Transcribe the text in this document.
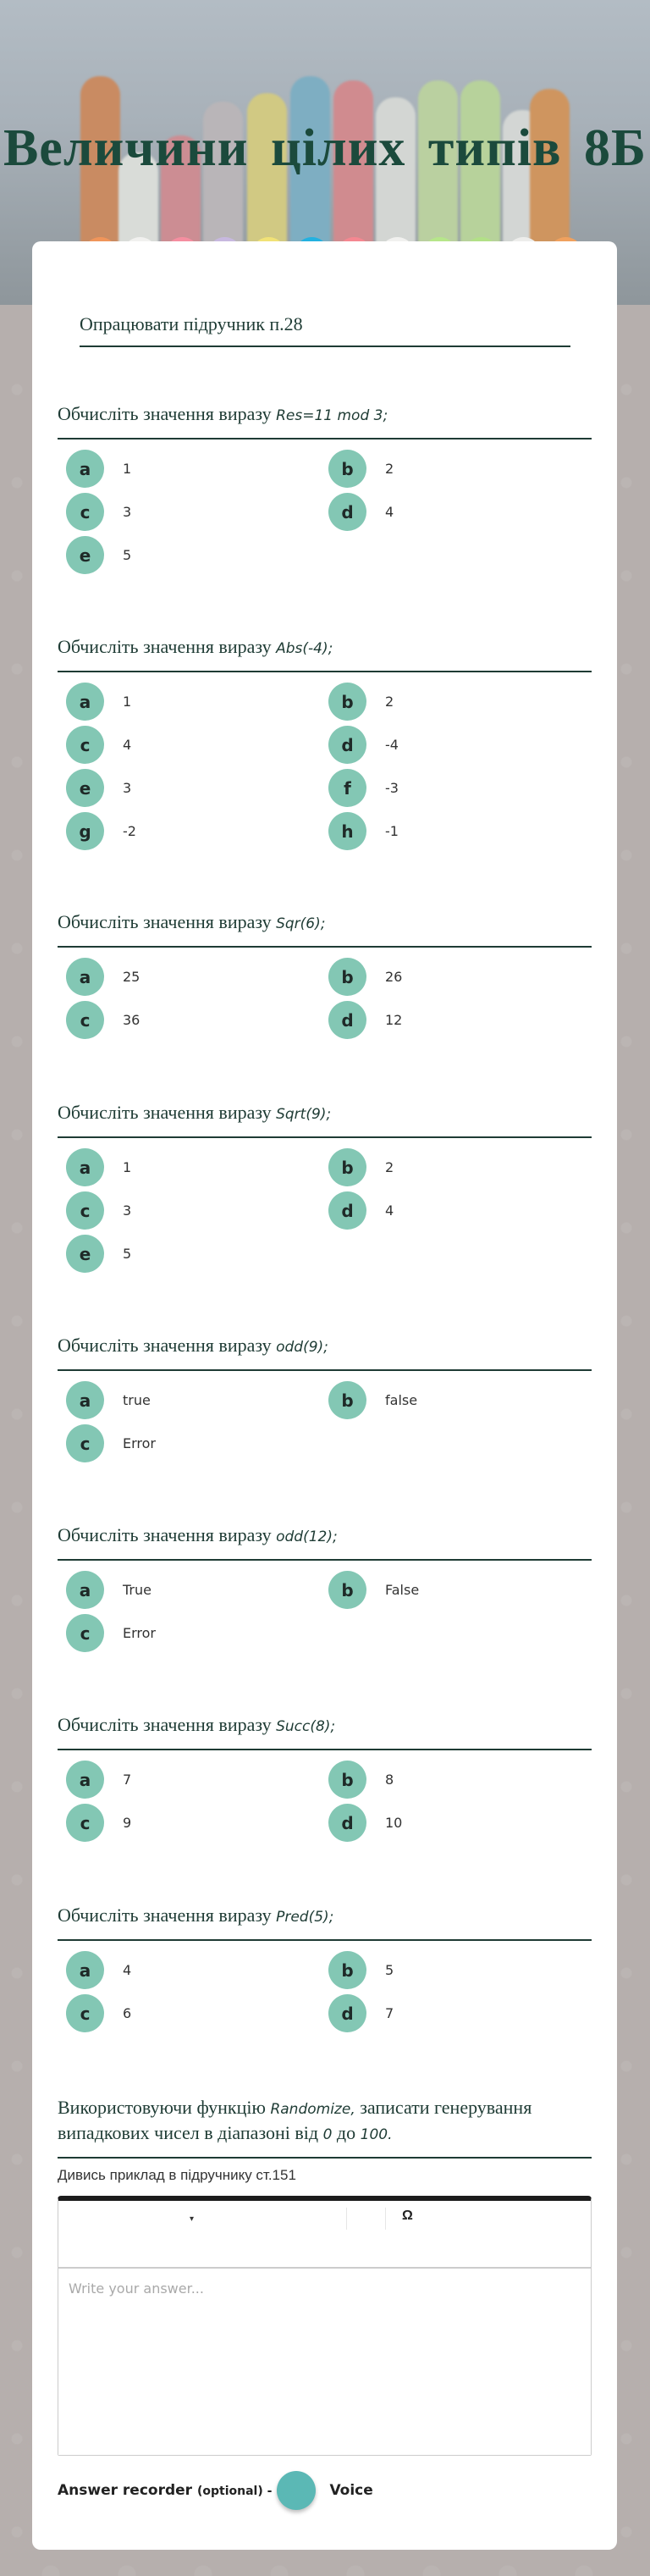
Величини цілих типів 8Б
Опрацювати підручник п.28
Обчисліть значення виразу Res=11 mod 3;
a	1	b	2
c	3	d	4
e	5
Обчисліть значення виразу Abs(-4);
a	1	b	2
c	4	d	-4
e	3	f	-3
g	-2	h	-1
Обчисліть значення виразу Sqr(6);
a	25	b	26
c	36	d	12
Обчисліть значення виразу Sqrt(9);
a	1	b	2
c	3	d	4
e	5
Обчисліть значення виразу odd(9);
a	true	b	false
c	Error
Обчисліть значення виразу odd(12);
a	True	b	False
c	Error
Обчисліть значення виразу Succ(8);
a	7	b	8
c	9	d	10
Обчисліть значення виразу Pred(5);
a	4	b	5
c	6	d	7
Використовуючи функцію Randomize, записати генерування випадкових чисел в діапазоні від 0 до 100.
Дивись приклад в підручнику ст.151
▾	Ω
Write your answer...
Answer recorder (optional) -	Voice
